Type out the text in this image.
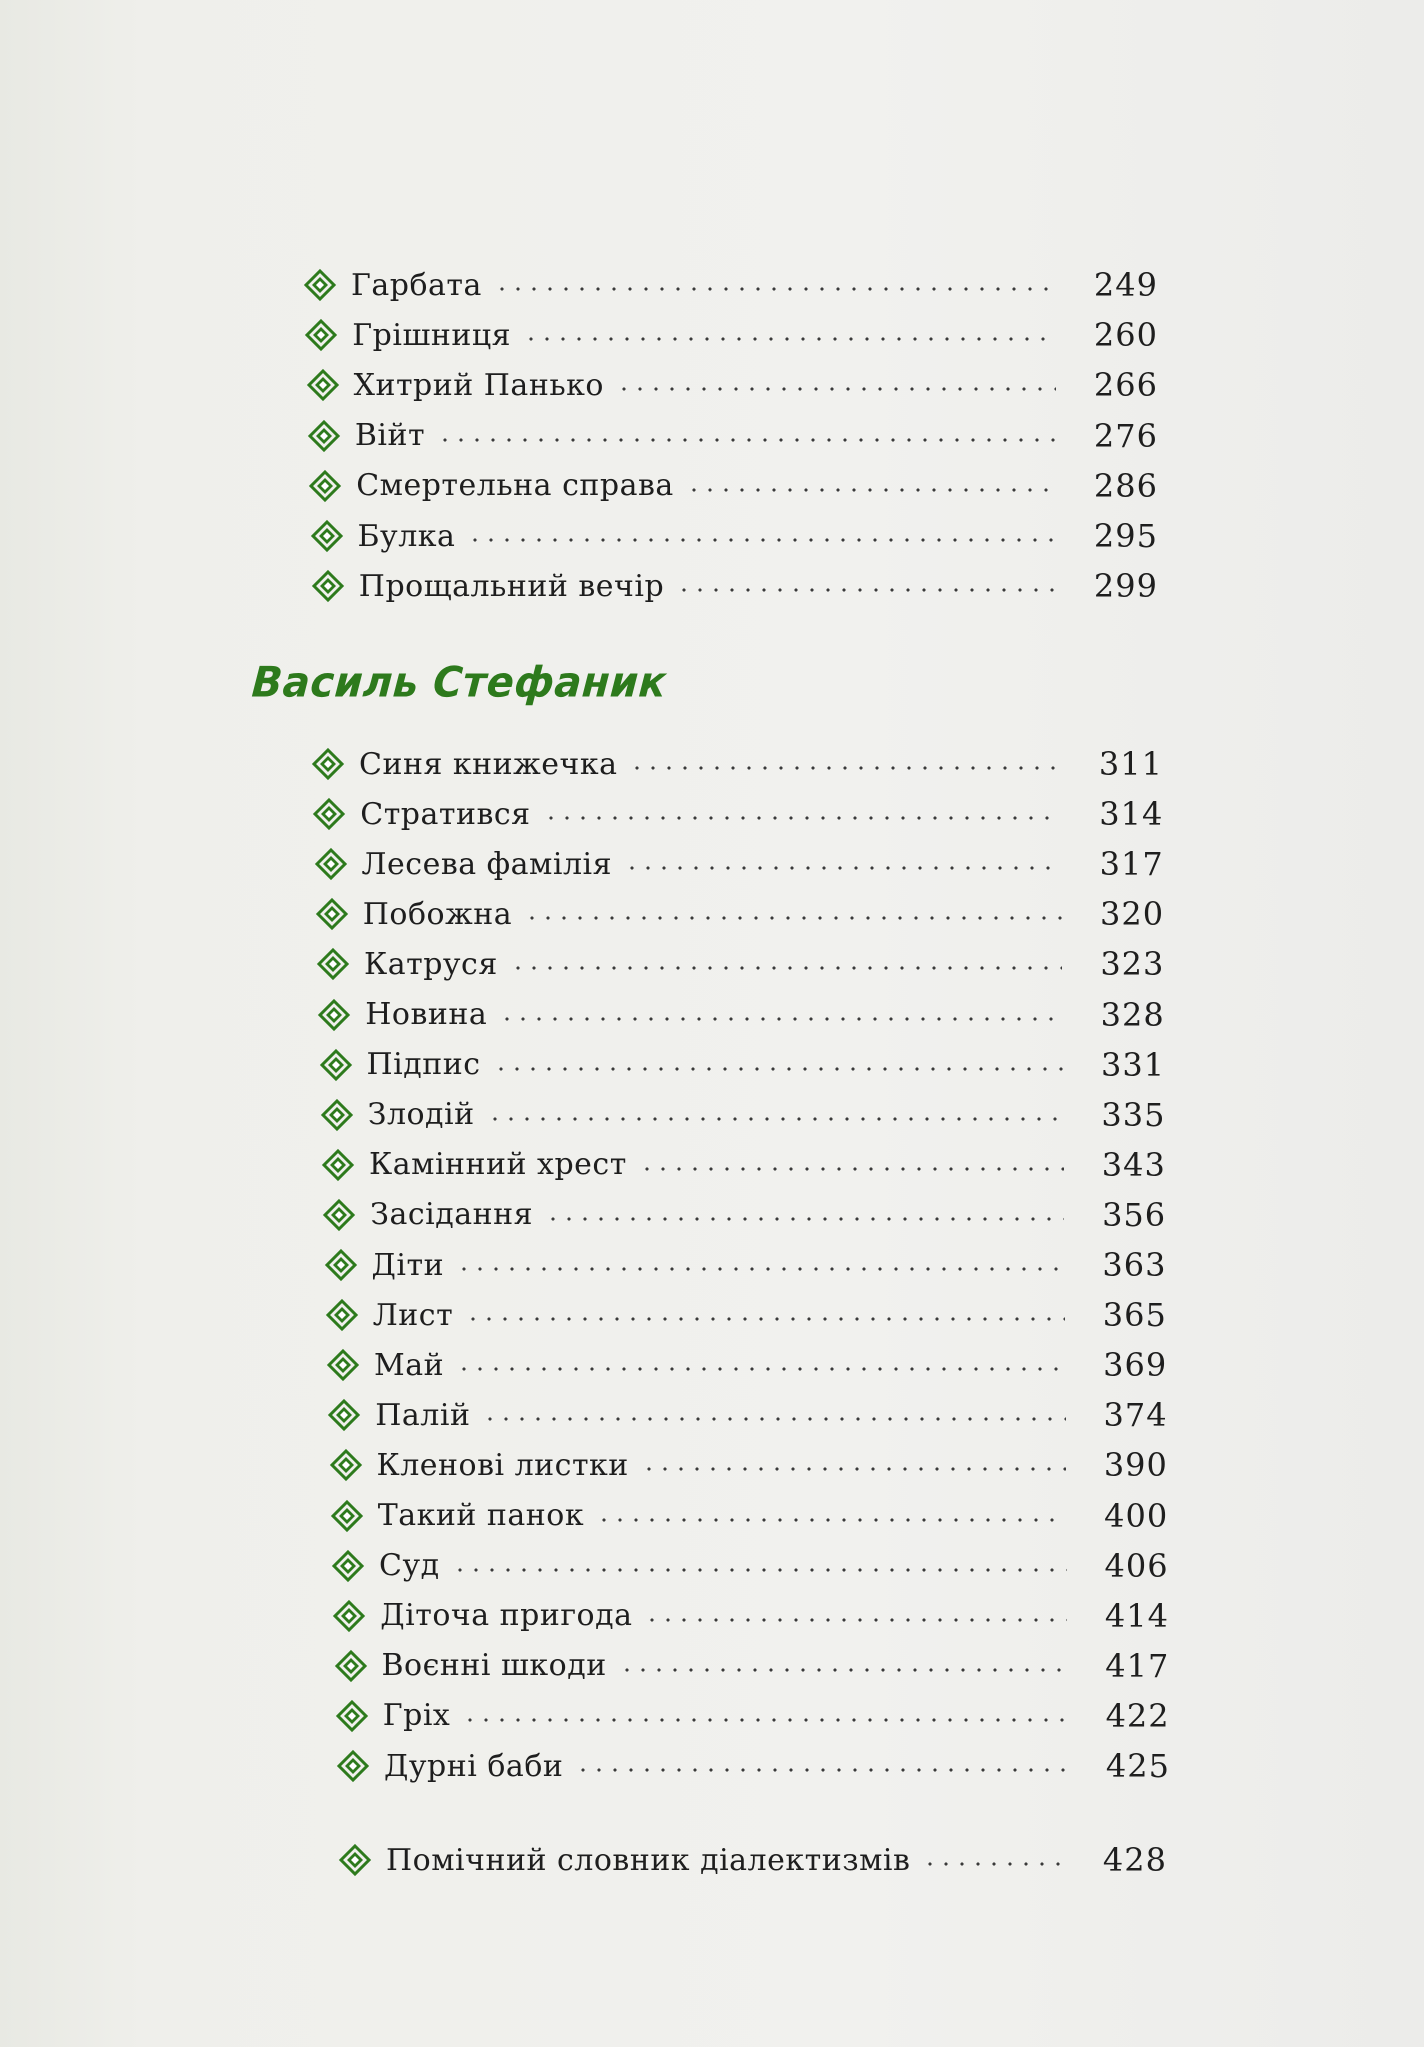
Гарбата	249
Грішниця	260
Хитрий Панько	266
Війт	276
Смертельна справа	286
Булка	295
Прощальний вечір	299
Василь Стефаник
Синя книжечка	311
Стратився	314
Лесева фамілія	317
Побожна	320
Катруся	323
Новина	328
Підпис	331
Злодій	335
Камінний хрест	343
Засідання	356
Діти	363
Лист	365
Май	369
Палій	374
Кленові листки	390
Такий панок	400
Суд	406
Діточа пригода	414
Воєнні шкоди	417
Гріх	422
Дурні баби	425
Помічний словник діалектизмів	428
